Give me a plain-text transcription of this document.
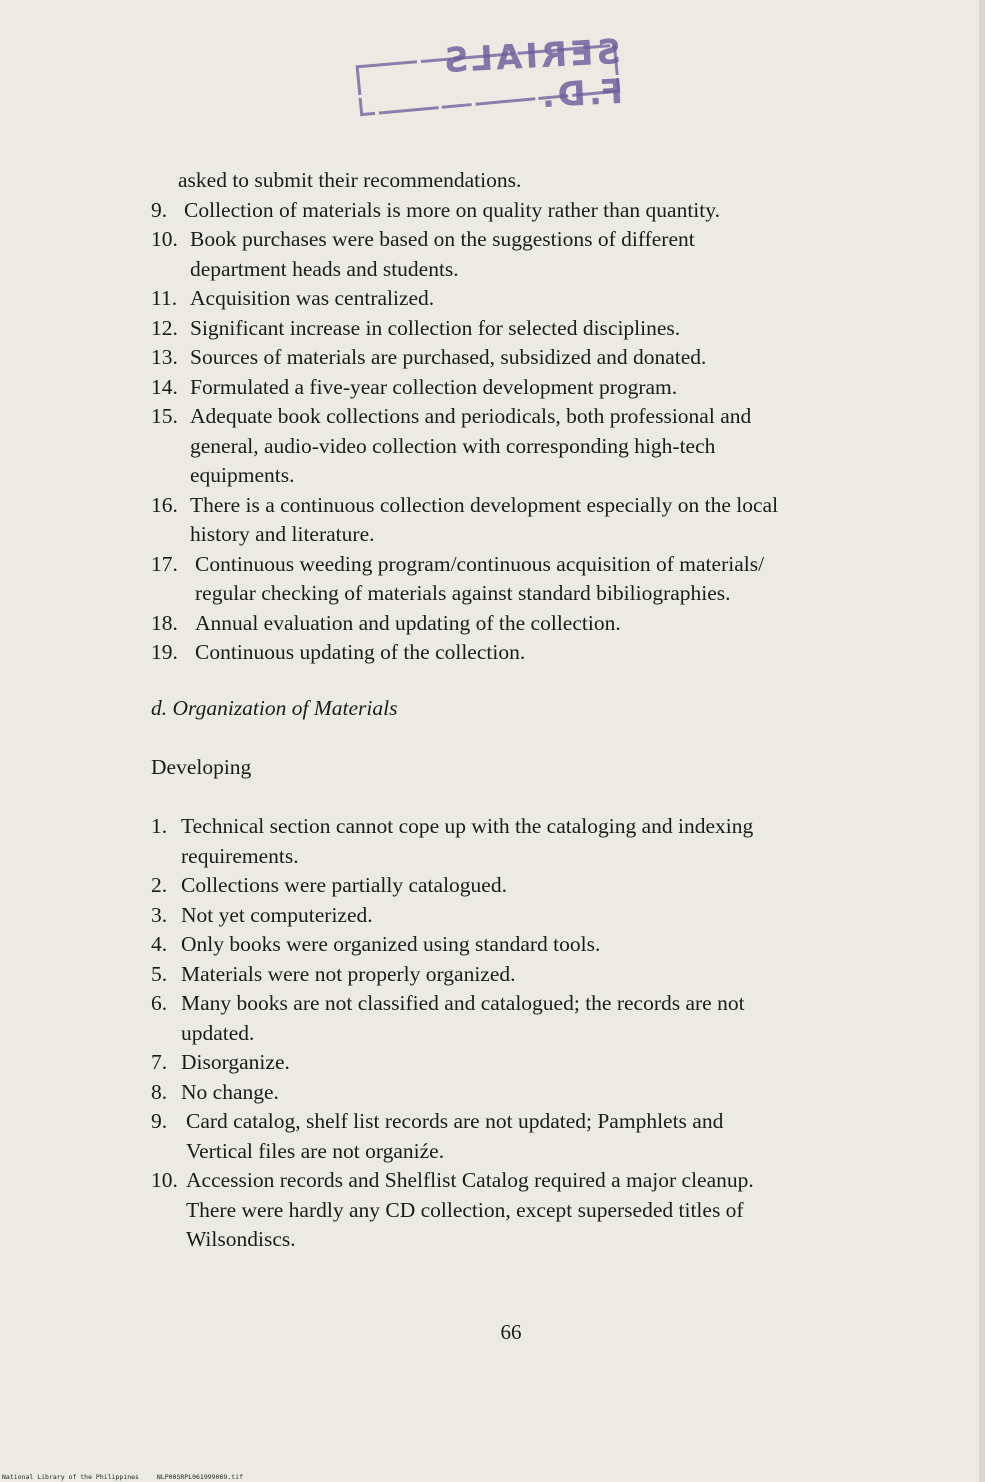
SERIALS F.D.
asked to submit their recommendations.
9. Collection of materials is more on quality rather than quantity.
10. Book purchases were based on the suggestions of different
department heads and students.
11. Acquisition was centralized.
12. Significant increase in collection for selected disciplines.
13. Sources of materials are purchased, subsidized and donated.
14. Formulated a five-year collection development program.
15. Adequate book collections and periodicals, both professional and
general, audio-video collection with corresponding high-tech
equipments.
16. There is a continuous collection development especially on the local
history and literature.
17. Continuous weeding program/continuous acquisition of materials/
regular checking of materials against standard bibiliographies.
18. Annual evaluation and updating of the collection.
19. Continuous updating of the collection.
d. Organization of Materials
Developing
1. Technical section cannot cope up with the cataloging and indexing
requirements.
2. Collections were partially catalogued.
3. Not yet computerized.
4. Only books were organized using standard tools.
5. Materials were not properly organized.
6. Many books are not classified and catalogued; the records are not
updated.
7. Disorganize.
8. No change.
9. Card catalog, shelf list records are not updated; Pamphlets and
Vertical files are not organiźe.
10. Accession records and Shelflist Catalog required a major cleanup.
There were hardly any CD collection, except superseded titles of
Wilsondiscs.
66
National Library of the Philippines	NLP00SRPL061999069.tif
